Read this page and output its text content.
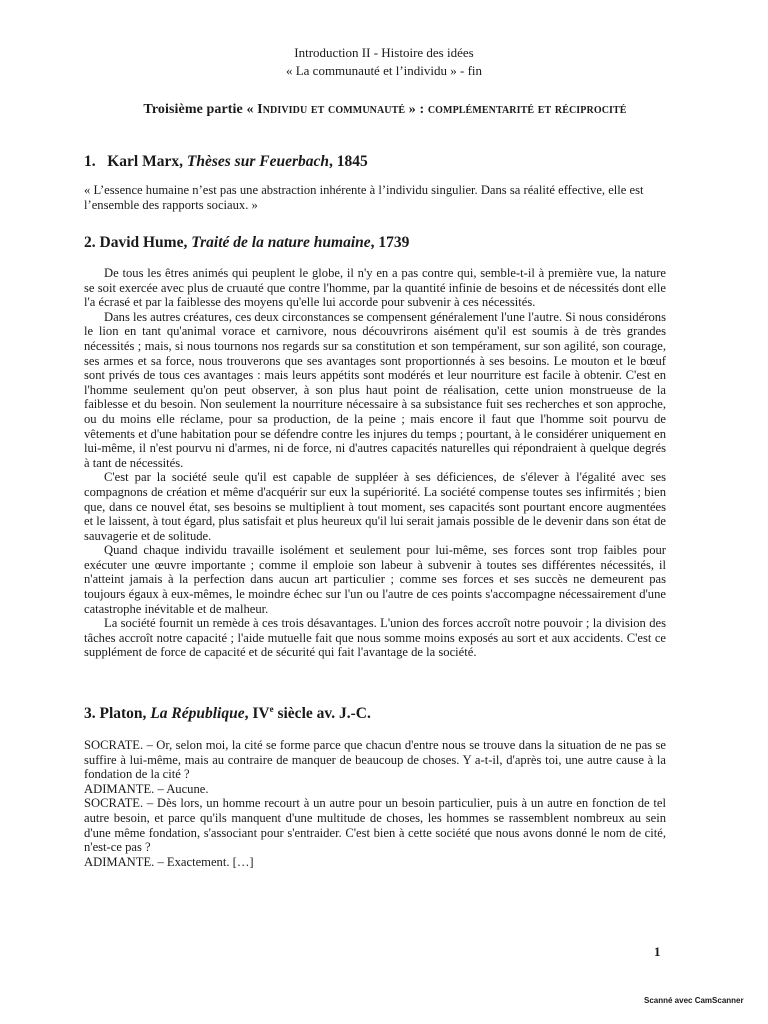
Introduction II - Histoire des idées
« La communauté et l’individu » - fin
Troisième partie « Individu et communauté » : complémentarité et réciprocité
1. Karl Marx, Thèses sur Feuerbach, 1845
« L’essence humaine n’est pas une abstraction inhérente à l’individu singulier. Dans sa réalité effective, elle est l’ensemble des rapports sociaux. »
2. David Hume, Traité de la nature humaine, 1739

De tous les êtres animés qui peuplent le globe, il n'y en a pas contre qui, semble-t-il à première vue, la nature se soit exercée avec plus de cruauté que contre l'homme, par la quantité infinie de besoins et de nécessités dont elle l'a écrasé et par la faiblesse des moyens qu'elle lui accorde pour subvenir à ces nécessités.

Dans les autres créatures, ces deux circonstances se compensent généralement l'une l'autre. Si nous considérons le lion en tant qu'animal vorace et carnivore, nous découvrirons aisément qu'il est soumis à de très grandes nécessités ; mais, si nous tournons nos regards sur sa constitution et son tempérament, sur son agilité, son courage, ses armes et sa force, nous trouverons que ses avantages sont proportionnés à ses besoins. Le mouton et le bœuf sont privés de tous ces avantages : mais leurs appétits sont modérés et leur nourriture est facile à obtenir. C'est en l'homme seulement qu'on peut observer, à son plus haut point de réalisation, cette union monstrueuse de la faiblesse et du besoin. Non seulement la nourriture nécessaire à sa subsistance fuit ses recherches et son approche, ou du moins elle réclame, pour sa production, de la peine ; mais encore il faut que l'homme soit pourvu de vêtements et d'une habitation pour se défendre contre les injures du temps ; pourtant, à le considérer uniquement en lui-même, il n'est pourvu ni d'armes, ni de force, ni d'autres capacités naturelles qui répondraient à quelque degrés à tant de nécessités.

C'est par la société seule qu'il est capable de suppléer à ses déficiences, de s'élever à l'égalité avec ses compagnons de création et même d'acquérir sur eux la supériorité. La société compense toutes ses infirmités ; bien que, dans ce nouvel état, ses besoins se multiplient à tout moment, ses capacités sont pourtant encore augmentées et le laissent, à tout égard, plus satisfait et plus heureux qu'il lui serait jamais possible de le devenir dans son état de sauvagerie et de solitude.

Quand chaque individu travaille isolément et seulement pour lui-même, ses forces sont trop faibles pour exécuter une œuvre importante ; comme il emploie son labeur à subvenir à toutes ses différentes nécessités, il n'atteint jamais à la perfection dans aucun art particulier ; comme ses forces et ses succès ne demeurent pas toujours égaux à eux-mêmes, le moindre échec sur l'un ou l'autre de ces points s'accompagne nécessairement d'une catastrophe inévitable et de malheur.

La société fournit un remède à ces trois désavantages. L'union des forces accroît notre pouvoir ; la division des tâches accroît notre capacité ; l'aide mutuelle fait que nous somme moins exposés au sort et aux accidents. C'est ce supplément de force de capacité et de sécurité qui fait l'avantage de la société.

3. Platon, La République, IVe siècle av. J.-C.

SOCRATE. – Or, selon moi, la cité se forme parce que chacun d'entre nous se trouve dans la situation de ne pas se suffire à lui-même, mais au contraire de manquer de beaucoup de choses. Y a-t-il, d'après toi, une autre cause à la fondation de la cité ?

ADIMANTE. – Aucune.

SOCRATE. – Dès lors, un homme recourt à un autre pour un besoin particulier, puis à un autre en fonction de tel autre besoin, et parce qu'ils manquent d'une multitude de choses, les hommes se rassemblent nombreux au sein d'une même fondation, s'associant pour s'entraider. C'est bien à cette société que nous avons donné le nom de cité, n'est-ce pas ?

ADIMANTE. – Exactement. […]

1
Scanné avec CamScanner
